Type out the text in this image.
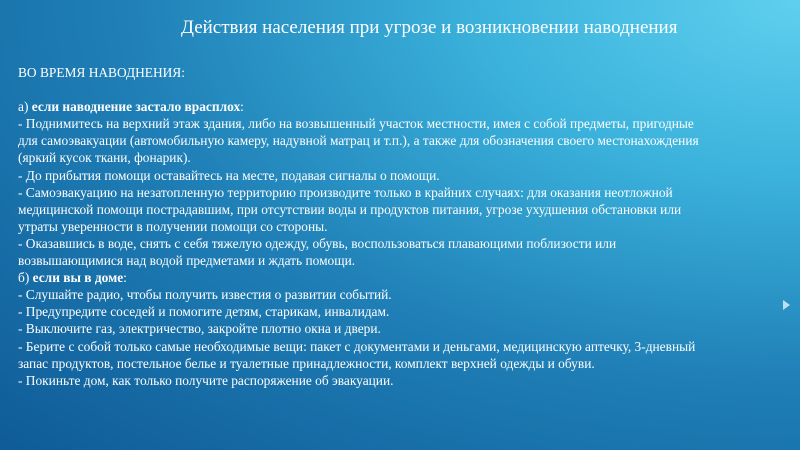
Действия населения при угрозе и возникновении наводнения
ВО ВРЕМЯ НАВОДНЕНИЯ:
а) если наводнение застало врасплох:
- Поднимитесь на верхний этаж здания, либо на возвышенный участок местности, имея с собой предметы, пригодные
для самоэвакуации (автомобильную камеру, надувной матрац и т.п.), а также для обозначения своего местонахождения
(яркий кусок ткани, фонарик).
- До прибытия помощи оставайтесь на месте, подавая сигналы о помощи.
- Самоэвакуацию на незатопленную территорию производите только в крайних случаях: для оказания неотложной
медицинской помощи пострадавшим, при отсутствии воды и продуктов питания, угрозе ухудшения обстановки или
утраты уверенности в получении помощи со стороны.
- Оказавшись в воде, снять с себя тяжелую одежду, обувь, воспользоваться плавающими поблизости или
возвышающимися над водой предметами и ждать помощи.
б) если вы в доме:
- Слушайте радио, чтобы получить известия о развитии событий.
- Предупредите соседей и помогите детям, старикам, инвалидам.
- Выключите газ, электричество, закройте плотно окна и двери.
- Берите с собой только самые необходимые вещи: пакет с документами и деньгами, медицинскую аптечку, 3-дневный
запас продуктов, постельное белье и туалетные принадлежности, комплект верхней одежды и обуви.
- Покиньте дом, как только получите распоряжение об эвакуации.
